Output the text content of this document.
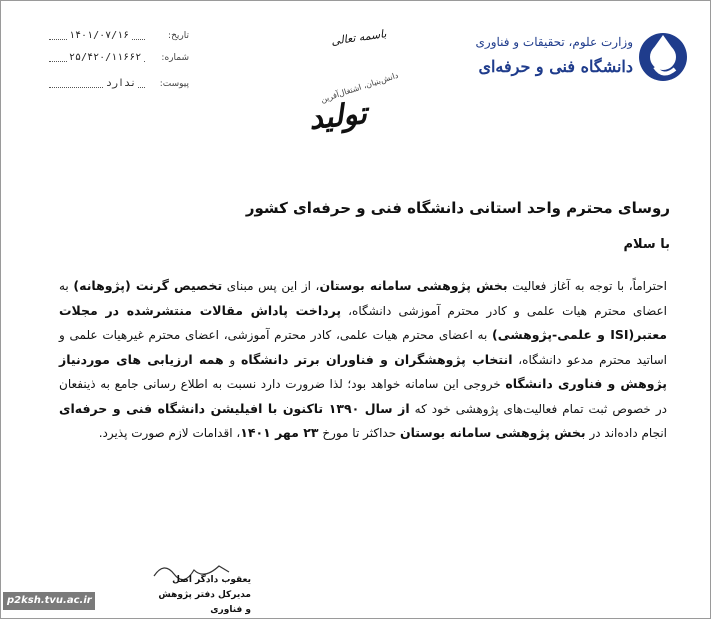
۱۴۰۱/۰۷/۱۶	تاریخ:
۲۵/۴۲۰/۱۱۶۶۲ شماره:
ندارد	پیوست:
باسمه تعالی
دانش‌بنیان، اشتغال‌آفرین
تولید
وزارت علوم، تحقیقات و فناوری
دانشگاه فنی و حرفه‌ای
روسای محترم واحد استانی دانشگاه فنی و حرفه‌ای کشور
با سلام
احتراماً، با توجه به آغاز فعالیت بخش پژوهشی سامانه بوستان، از این پس مبنای تخصیص گرنت (پژوهانه) به اعضای محترم هیات علمی و کادر محترم آموزشی دانشگاه، پرداخت پاداش مقالات منتشرشده در مجلات معتبر(ISI و علمی-پژوهشی) به اعضای محترم هیات علمی، کادر محترم آموزشی، اعضای محترم غیرهیات علمی و اساتید محترم مدعو دانشگاه، انتخاب پژوهشگران و فناوران برتر دانشگاه و همه ارزیابی های موردنیاز پژوهش و فناوری دانشگاه خروجی این سامانه خواهد بود؛ لذا ضرورت دارد نسبت به اطلاع رسانی جامع به ذینفعان در خصوص ثبت تمام فعالیت‌های پژوهشی خود که از سال ۱۳۹۰ تاکنون با افیلیشن دانشگاه فنی و حرفه‌ای انجام داده‌اند در بخش پژوهشی سامانه بوستان حداکثر تا مورخ ۲۳ مهر ۱۴۰۱، اقدامات لازم صورت پذیرد.
یعقوب دادگر اصل
مدیرکل دفتر پژوهش و فناوری
p2ksh.tvu.ac.ir
